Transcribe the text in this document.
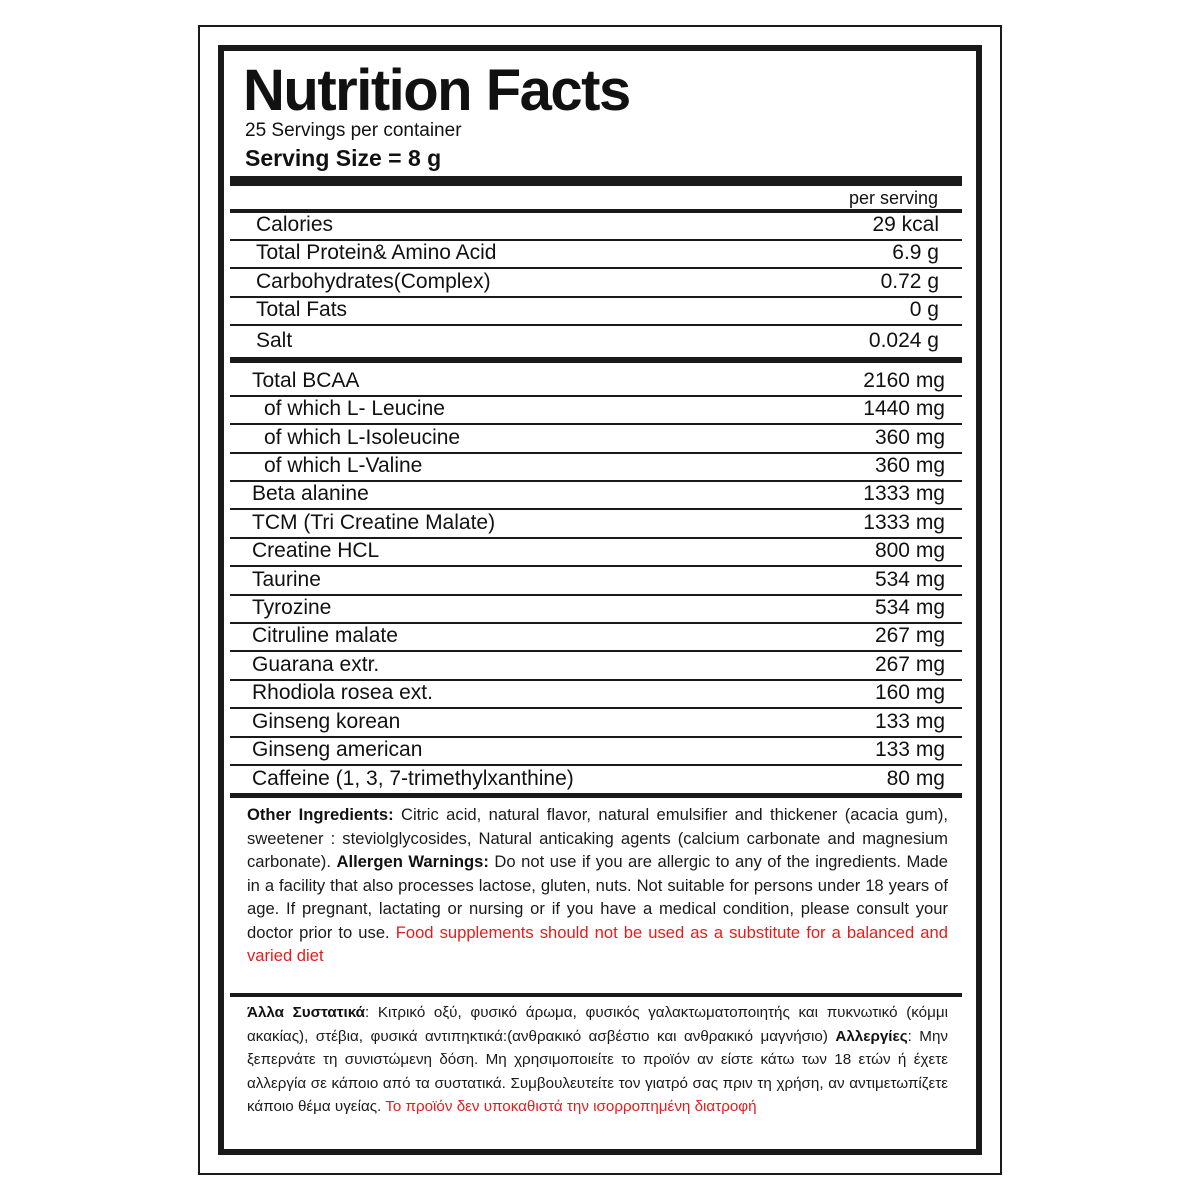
Nutrition Facts
25 Servings per container
Serving Size = 8 g
per serving
Calories	29 kcal
Total Protein& Amino Acid	6.9 g
Carbohydrates(Complex)	0.72 g
Total Fats	0 g
Salt	0.024 g
Total BCAA	2160 mg
of which L- Leucine	1440 mg
of which L-Isoleucine	360 mg
of which L-Valine	360 mg
Beta alanine	1333 mg
TCM (Tri Creatine Malate)	1333 mg
Creatine HCL	800 mg
Taurine	534 mg
Tyrozine	534 mg
Citruline malate	267 mg
Guarana extr.	267 mg
Rhodiola rosea ext.	160 mg
Ginseng korean	133 mg
Ginseng american	133 mg
Caffeine (1, 3, 7-trimethylxanthine)	80 mg

Other Ingredients: Citric acid, natural flavor, natural emulsifier and thickener (acacia gum), sweetener : steviolglycosides, Natural anticaking agents (calcium carbonate and magnesium carbonate). Allergen Warnings: Do not use if you are allergic to any of the ingredients. Made in a facility that also processes lactose, gluten, nuts. Not suitable for persons under 18 years of age. If pregnant, lactating or nursing or if you have a medical condition, please consult your doctor prior to use. Food supplements should not be used as a substitute for a balanced and varied diet

Άλλα Συστατικά: Κιτρικό οξύ, φυσικό άρωμα, φυσικός γαλακτωματοποιητής και πυκνωτικό (κόμμι ακακίας), στέβια, φυσικά αντιπηκτικά:(ανθρακικό ασβέστιο και ανθρακικό μαγνήσιο) Αλλεργίες: Μην ξεπερνάτε τη συνιστώμενη δόση. Μη χρησιμοποιείτε το προϊόν αν είστε κάτω των 18 ετών ή έχετε αλλεργία σε κάποιο από τα συστατικά. Συμβουλευτείτε τον γιατρό σας πριν τη χρήση, αν αντιμετωπίζετε κάποιο θέμα υγείας. Το προϊόν δεν υποκαθιστά την ισορροπημένη διατροφή
